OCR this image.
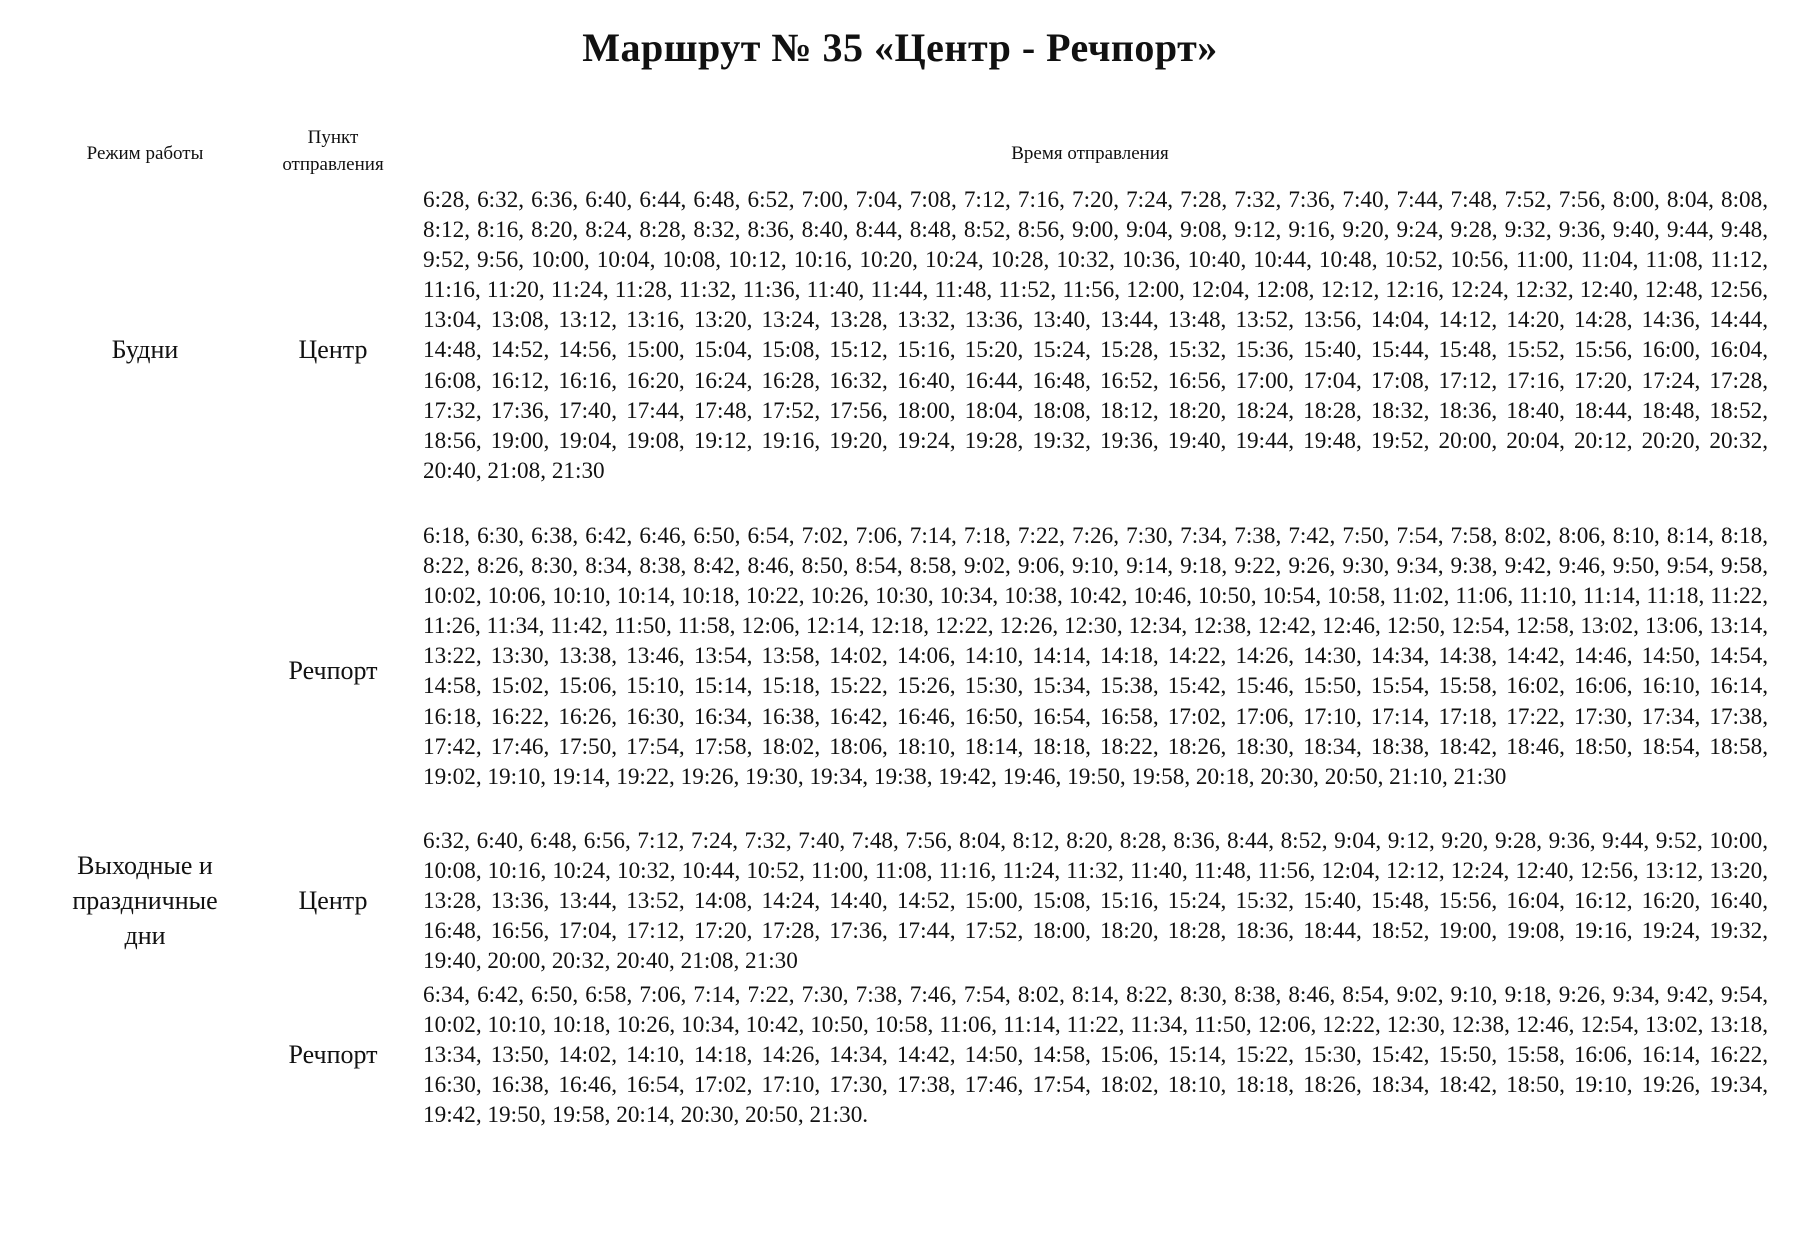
Маршрут № 35 «Центр - Речпорт»
Режим работы
Пункт
отправления
Время отправления
Будни	Центр
6:28, 6:32, 6:36, 6:40, 6:44, 6:48, 6:52, 7:00, 7:04, 7:08, 7:12, 7:16, 7:20, 7:24, 7:28, 7:32, 7:36, 7:40, 7:44, 7:48, 7:52, 7:56, 8:00, 8:04, 8:08, 8:12, 8:16, 8:20, 8:24, 8:28, 8:32, 8:36, 8:40, 8:44, 8:48, 8:52, 8:56, 9:00, 9:04, 9:08, 9:12, 9:16, 9:20, 9:24, 9:28, 9:32, 9:36, 9:40, 9:44, 9:48, 9:52, 9:56, 10:00, 10:04, 10:08, 10:12, 10:16, 10:20, 10:24, 10:28, 10:32, 10:36, 10:40, 10:44, 10:48, 10:52, 10:56, 11:00, 11:04, 11:08, 11:12, 11:16, 11:20, 11:24, 11:28, 11:32, 11:36, 11:40, 11:44, 11:48, 11:52, 11:56, 12:00, 12:04, 12:08, 12:12, 12:16, 12:24, 12:32, 12:40, 12:48, 12:56, 13:04, 13:08, 13:12, 13:16, 13:20, 13:24, 13:28, 13:32, 13:36, 13:40, 13:44, 13:48, 13:52, 13:56, 14:04, 14:12, 14:20, 14:28, 14:36, 14:44, 14:48, 14:52, 14:56, 15:00, 15:04, 15:08, 15:12, 15:16, 15:20, 15:24, 15:28, 15:32, 15:36, 15:40, 15:44, 15:48, 15:52, 15:56, 16:00, 16:04, 16:08, 16:12, 16:16, 16:20, 16:24, 16:28, 16:32, 16:40, 16:44, 16:48, 16:52, 16:56, 17:00, 17:04, 17:08, 17:12, 17:16, 17:20, 17:24, 17:28, 17:32, 17:36, 17:40, 17:44, 17:48, 17:52, 17:56, 18:00, 18:04, 18:08, 18:12, 18:20, 18:24, 18:28, 18:32, 18:36, 18:40, 18:44, 18:48, 18:52, 18:56, 19:00, 19:04, 19:08, 19:12, 19:16, 19:20, 19:24, 19:28, 19:32, 19:36, 19:40, 19:44, 19:48, 19:52, 20:00, 20:04, 20:12, 20:20, 20:32, 20:40, 21:08, 21:30
Речпорт
6:18, 6:30, 6:38, 6:42, 6:46, 6:50, 6:54, 7:02, 7:06, 7:14, 7:18, 7:22, 7:26, 7:30, 7:34, 7:38, 7:42, 7:50, 7:54, 7:58, 8:02, 8:06, 8:10, 8:14, 8:18, 8:22, 8:26, 8:30, 8:34, 8:38, 8:42, 8:46, 8:50, 8:54, 8:58, 9:02, 9:06, 9:10, 9:14, 9:18, 9:22, 9:26, 9:30, 9:34, 9:38, 9:42, 9:46, 9:50, 9:54, 9:58, 10:02, 10:06, 10:10, 10:14, 10:18, 10:22, 10:26, 10:30, 10:34, 10:38, 10:42, 10:46, 10:50, 10:54, 10:58, 11:02, 11:06, 11:10, 11:14, 11:18, 11:22, 11:26, 11:34, 11:42, 11:50, 11:58, 12:06, 12:14, 12:18, 12:22, 12:26, 12:30, 12:34, 12:38, 12:42, 12:46, 12:50, 12:54, 12:58, 13:02, 13:06, 13:14, 13:22, 13:30, 13:38, 13:46, 13:54, 13:58, 14:02, 14:06, 14:10, 14:14, 14:18, 14:22, 14:26, 14:30, 14:34, 14:38, 14:42, 14:46, 14:50, 14:54, 14:58, 15:02, 15:06, 15:10, 15:14, 15:18, 15:22, 15:26, 15:30, 15:34, 15:38, 15:42, 15:46, 15:50, 15:54, 15:58, 16:02, 16:06, 16:10, 16:14, 16:18, 16:22, 16:26, 16:30, 16:34, 16:38, 16:42, 16:46, 16:50, 16:54, 16:58, 17:02, 17:06, 17:10, 17:14, 17:18, 17:22, 17:30, 17:34, 17:38, 17:42, 17:46, 17:50, 17:54, 17:58, 18:02, 18:06, 18:10, 18:14, 18:18, 18:22, 18:26, 18:30, 18:34, 18:38, 18:42, 18:46, 18:50, 18:54, 18:58, 19:02, 19:10, 19:14, 19:22, 19:26, 19:30, 19:34, 19:38, 19:42, 19:46, 19:50, 19:58, 20:18, 20:30, 20:50, 21:10, 21:30
Выходные и
праздничные
дни
Центр
6:32, 6:40, 6:48, 6:56, 7:12, 7:24, 7:32, 7:40, 7:48, 7:56, 8:04, 8:12, 8:20, 8:28, 8:36, 8:44, 8:52, 9:04, 9:12, 9:20, 9:28, 9:36, 9:44, 9:52, 10:00, 10:08, 10:16, 10:24, 10:32, 10:44, 10:52, 11:00, 11:08, 11:16, 11:24, 11:32, 11:40, 11:48, 11:56, 12:04, 12:12, 12:24, 12:40, 12:56, 13:12, 13:20, 13:28, 13:36, 13:44, 13:52, 14:08, 14:24, 14:40, 14:52, 15:00, 15:08, 15:16, 15:24, 15:32, 15:40, 15:48, 15:56, 16:04, 16:12, 16:20, 16:40, 16:48, 16:56, 17:04, 17:12, 17:20, 17:28, 17:36, 17:44, 17:52, 18:00, 18:20, 18:28, 18:36, 18:44, 18:52, 19:00, 19:08, 19:16, 19:24, 19:32, 19:40, 20:00, 20:32, 20:40, 21:08, 21:30
Речпорт
6:34, 6:42, 6:50, 6:58, 7:06, 7:14, 7:22, 7:30, 7:38, 7:46, 7:54, 8:02, 8:14, 8:22, 8:30, 8:38, 8:46, 8:54, 9:02, 9:10, 9:18, 9:26, 9:34, 9:42, 9:54, 10:02, 10:10, 10:18, 10:26, 10:34, 10:42, 10:50, 10:58, 11:06, 11:14, 11:22, 11:34, 11:50, 12:06, 12:22, 12:30, 12:38, 12:46, 12:54, 13:02, 13:18, 13:34, 13:50, 14:02, 14:10, 14:18, 14:26, 14:34, 14:42, 14:50, 14:58, 15:06, 15:14, 15:22, 15:30, 15:42, 15:50, 15:58, 16:06, 16:14, 16:22, 16:30, 16:38, 16:46, 16:54, 17:02, 17:10, 17:30, 17:38, 17:46, 17:54, 18:02, 18:10, 18:18, 18:26, 18:34, 18:42, 18:50, 19:10, 19:26, 19:34, 19:42, 19:50, 19:58, 20:14, 20:30, 20:50, 21:30.
